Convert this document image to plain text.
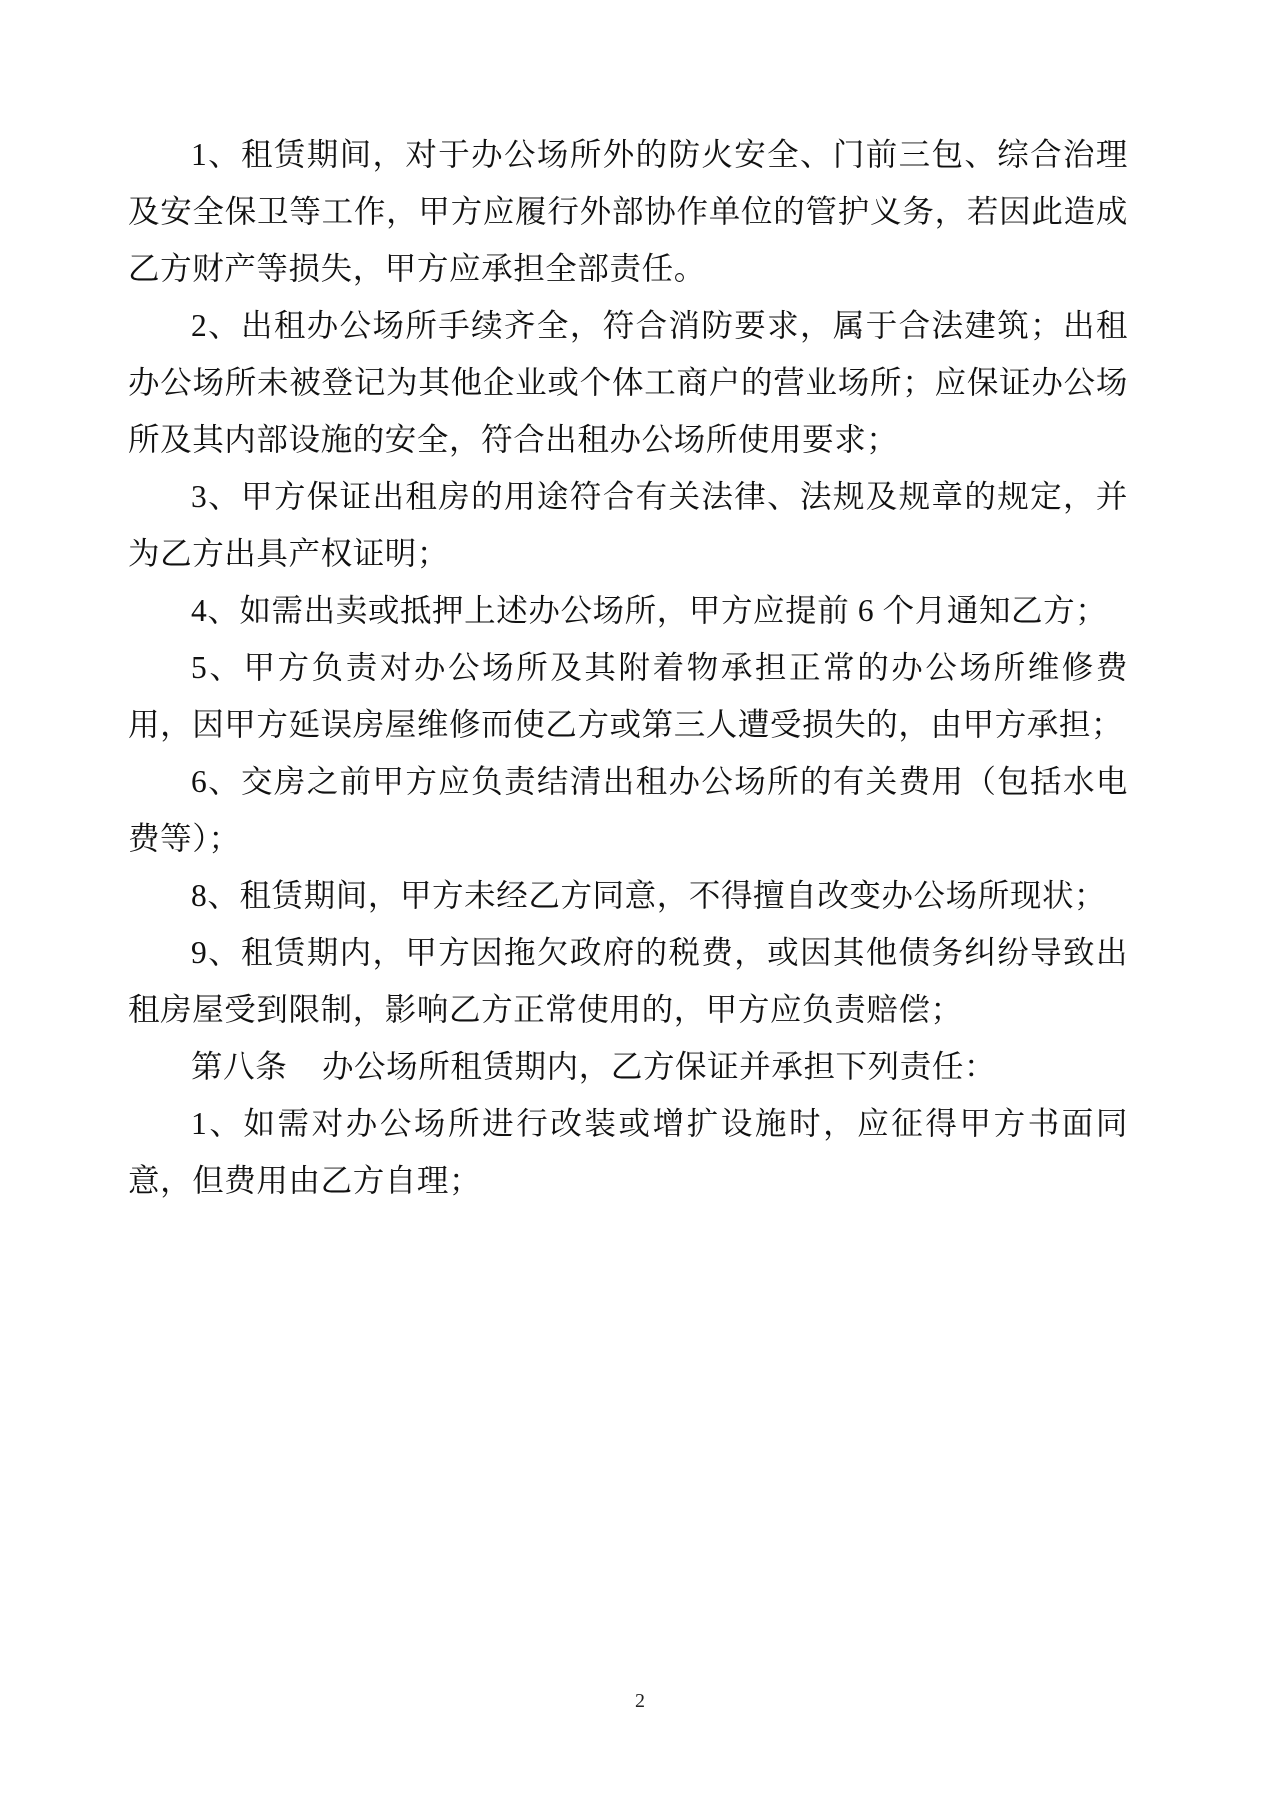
1、租赁期间，对于办公场所外的防火安全、门前三包、综合治理及安全保卫等工作，甲方应履行外部协作单位的管护义务，若因此造成乙方财产等损失，甲方应承担全部责任。

2、出租办公场所手续齐全，符合消防要求，属于合法建筑；出租办公场所未被登记为其他企业或个体工商户的营业场所；应保证办公场所及其内部设施的安全，符合出租办公场所使用要求；

3、甲方保证出租房的用途符合有关法律、法规及规章的规定，并为乙方出具产权证明；

4、如需出卖或抵押上述办公场所，甲方应提前 6 个月通知乙方；

5、甲方负责对办公场所及其附着物承担正常的办公场所维修费用，因甲方延误房屋维修而使乙方或第三人遭受损失的，由甲方承担；

6、交房之前甲方应负责结清出租办公场所的有关费用（包括水电费等）；

8、租赁期间，甲方未经乙方同意，不得擅自改变办公场所现状；

9、租赁期内，甲方因拖欠政府的税费，或因其他债务纠纷导致出租房屋受到限制，影响乙方正常使用的，甲方应负责赔偿；

第八条 办公场所租赁期内，乙方保证并承担下列责任：

1、如需对办公场所进行改装或增扩设施时，应征得甲方书面同意，但费用由乙方自理；

2
